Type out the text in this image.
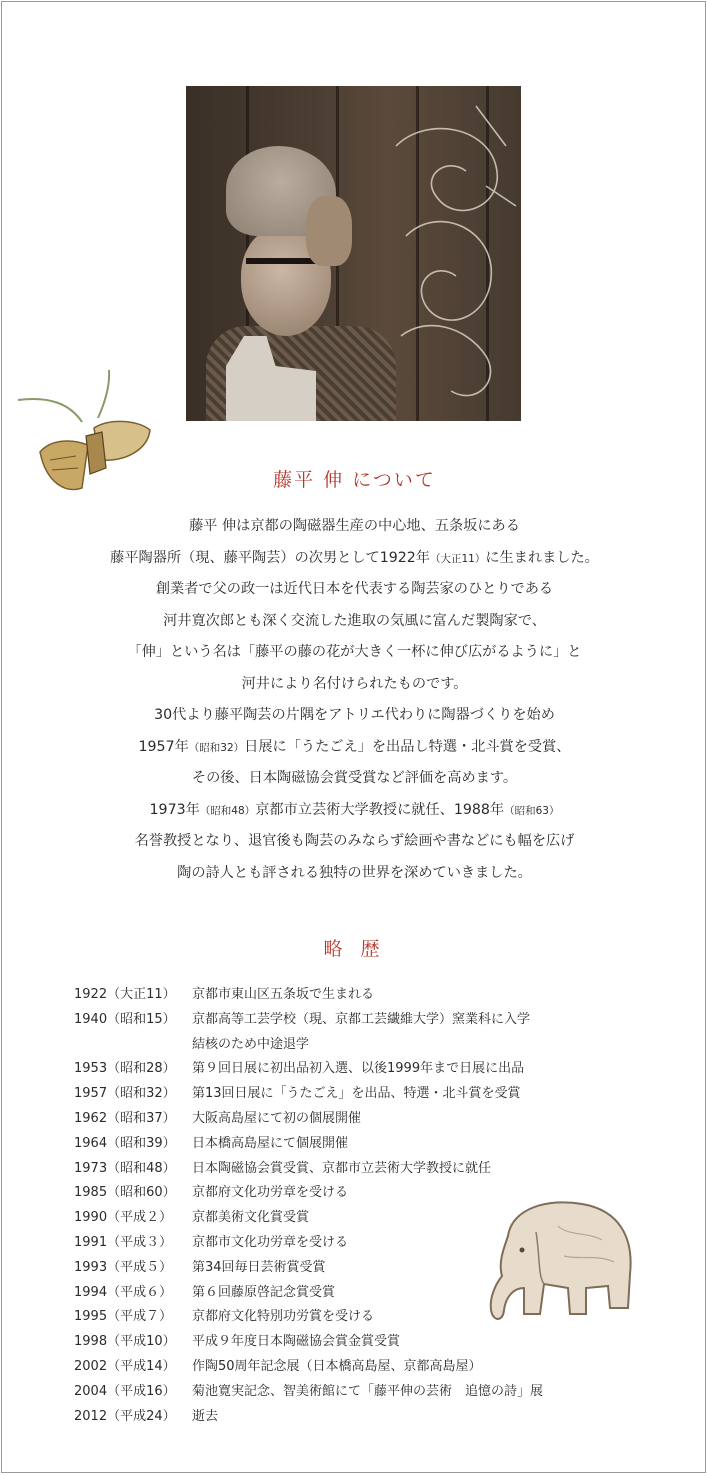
藤平 伸 について
藤平 伸は京都の陶磁器生産の中心地、五条坂にある
藤平陶器所（現、藤平陶芸）の次男として1922年（大正11）に生まれました。
創業者で父の政一は近代日本を代表する陶芸家のひとりである
河井寛次郎とも深く交流した進取の気風に富んだ製陶家で、
「伸」という名は「藤平の藤の花が大きく一杯に伸び広がるように」と
河井により名付けられたものです。
30代より藤平陶芸の片隅をアトリエ代わりに陶器づくりを始め
1957年（昭和32）日展に「うたごえ」を出品し特選・北斗賞を受賞、
その後、日本陶磁協会賞受賞など評価を高めます。
1973年（昭和48）京都市立芸術大学教授に就任、1988年（昭和63）
名誉教授となり、退官後も陶芸のみならず絵画や書などにも幅を広げ
陶の詩人とも評される独特の世界を深めていきました。
略 歴
1922（大正11）	京都市東山区五条坂で生まれる
1940（昭和15）	京都高等工芸学校（現、京都工芸繊維大学）窯業科に入学
結核のため中途退学
1953（昭和28）	第９回日展に初出品初入選、以後1999年まで日展に出品
1957（昭和32）	第13回日展に「うたごえ」を出品、特選・北斗賞を受賞
1962（昭和37）	大阪高島屋にて初の個展開催
1964（昭和39）	日本橋高島屋にて個展開催
1973（昭和48）	日本陶磁協会賞受賞、京都市立芸術大学教授に就任
1985（昭和60）	京都府文化功労章を受ける
1990（平成２）	京都美術文化賞受賞
1991（平成３）	京都市文化功労章を受ける
1993（平成５）	第34回毎日芸術賞受賞
1994（平成６）	第６回藤原啓記念賞受賞
1995（平成７）	京都府文化特別功労賞を受ける
1998（平成10）	平成９年度日本陶磁協会賞金賞受賞
2002（平成14）	作陶50周年記念展（日本橋高島屋、京都高島屋）
2004（平成16）	菊池寛実記念、智美術館にて「藤平伸の芸術　追憶の詩」展
2012（平成24）	逝去
